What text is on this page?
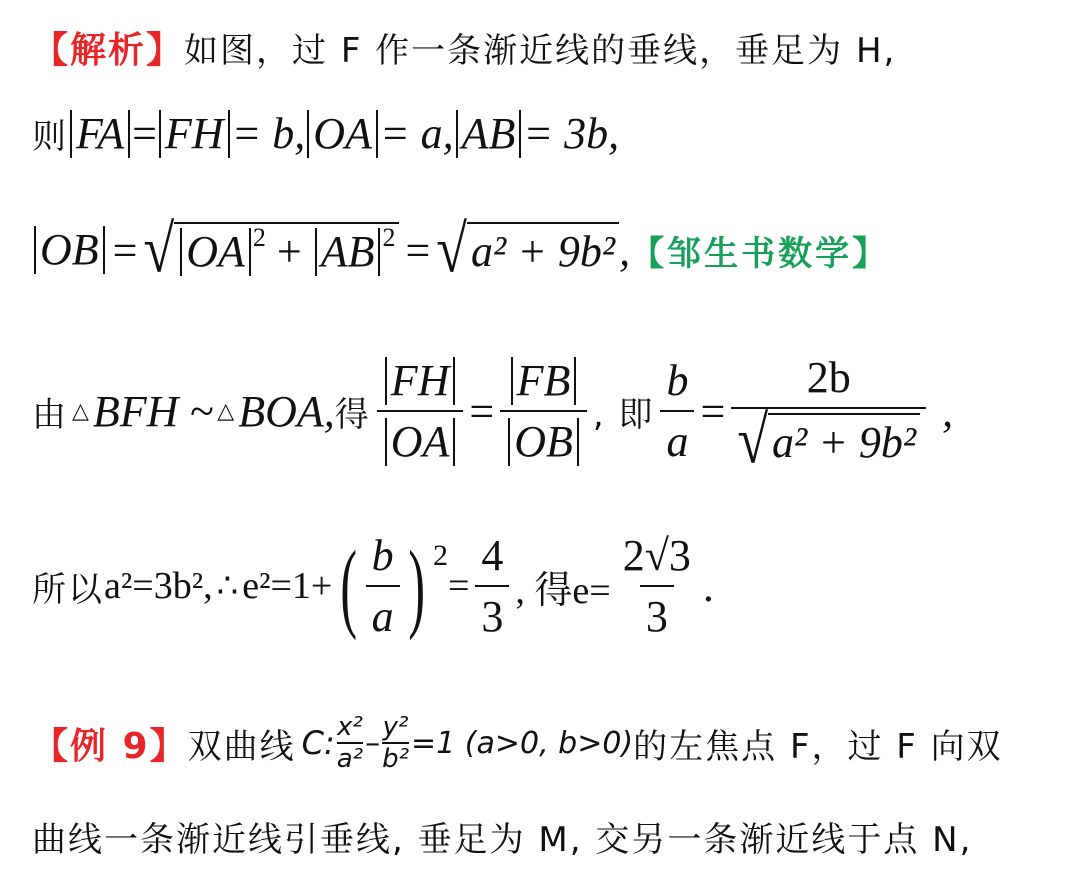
【解析】 如图，过 F 作一条渐近线的垂线，垂足为 H,
则 FA = FH = b, OA = a, AB = 3b,
OB = √ OA $^2$ + AB $^2$ = √ a² + 9b² , 【邹生书数学】
由 △ BFH ~ △ BOA, 得 $\frac{FH}{OA} = \frac{FB}{OB}$ , 即 $\frac{b}{a} = \frac{2b}{\text{√ a² + 9b²}}$ ,
所以 a²=3b², ∴ e²=1+ ( $\frac{b}{a}$ ) 2
= $\frac{4}{3}$ , 得$e= \frac{2√3}{3}$ .
【例 9】 双曲线 C: $\frac{\text{x²}}{\text{a²}} - \frac{\text{y²}}{\text{b²}} =1$ (a>0, b>0) 的左焦点 F，过 F 向双
曲线一条渐近线引垂线, 垂足为 M, 交另一条渐近线于点 N,
